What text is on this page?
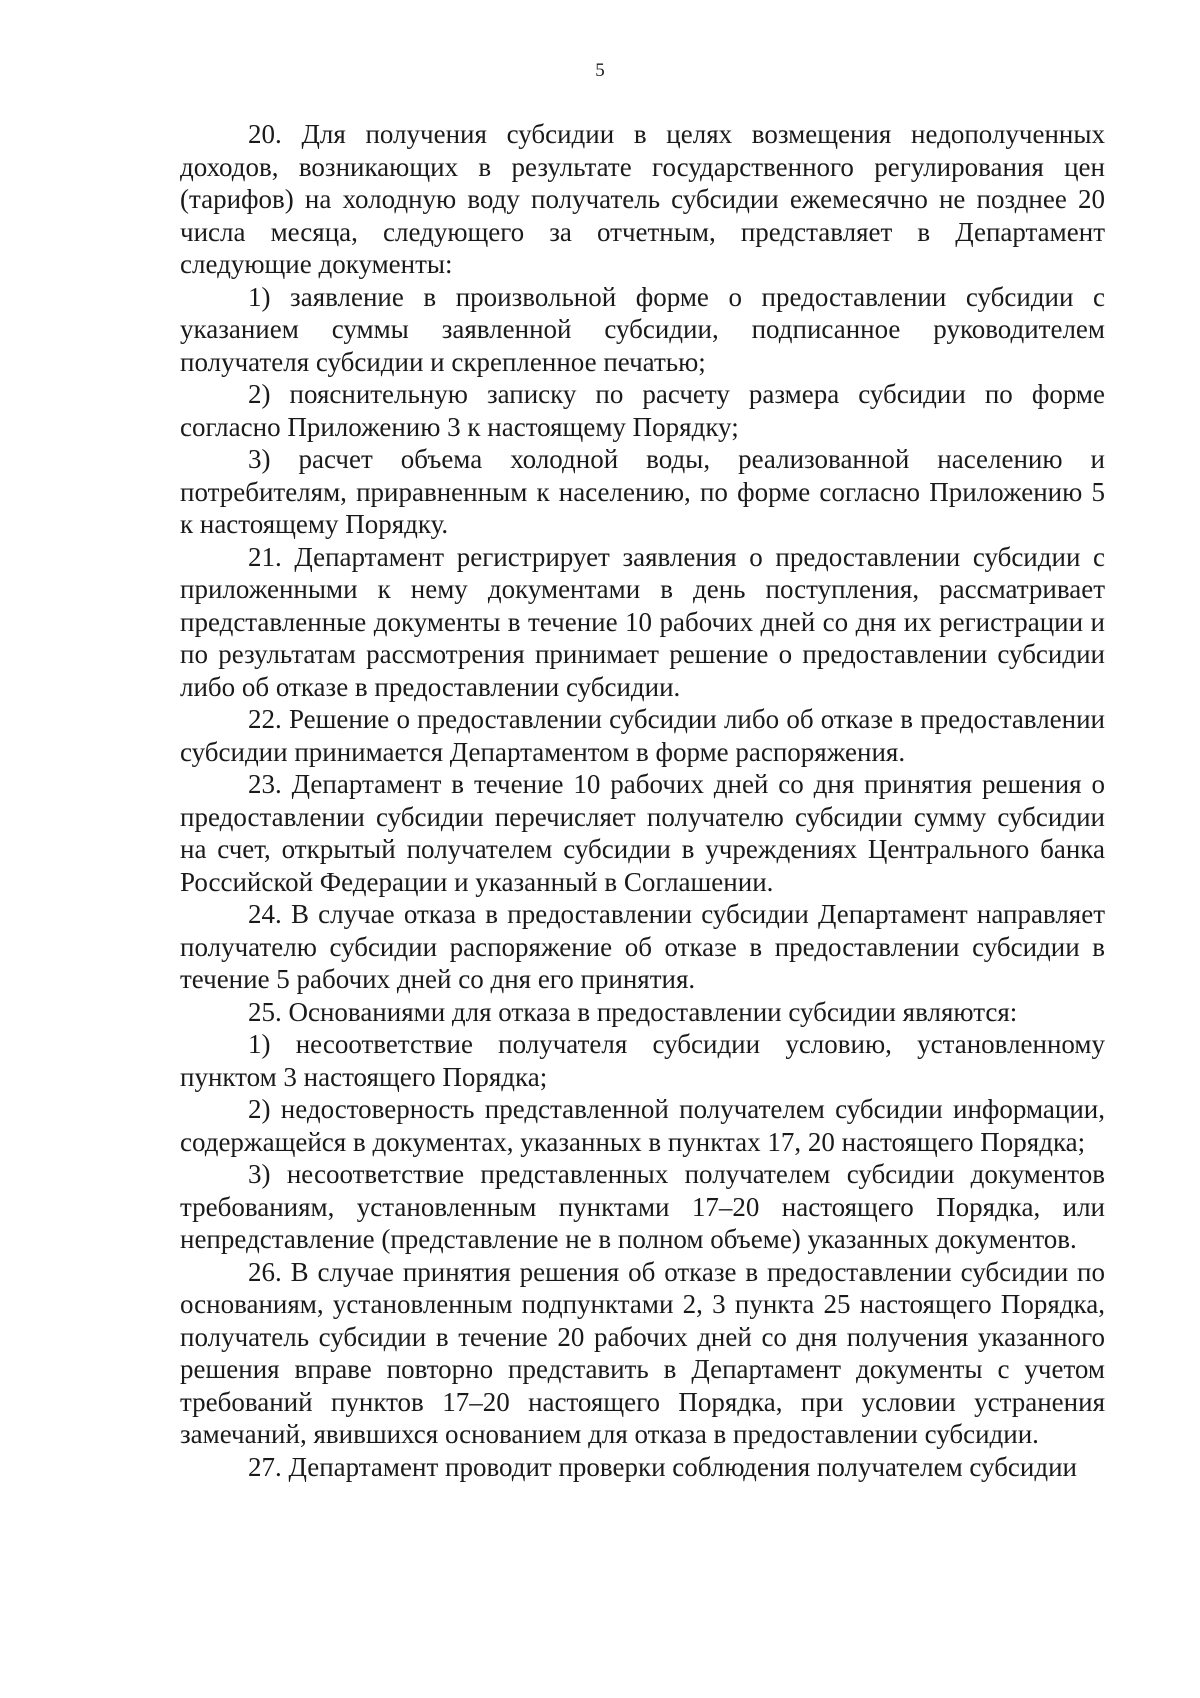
5

20. Для получения субсидии в целях возмещения недополученных доходов, возникающих в результате государственного регулирования цен (тарифов) на холодную воду получатель субсидии ежемесячно не позднее 20 числа месяца, следующего за отчетным, представляет в Департамент следующие документы:

1) заявление в произвольной форме о предоставлении субсидии с указанием суммы заявленной субсидии, подписанное руководителем получателя субсидии и скрепленное печатью;

2) пояснительную записку по расчету размера субсидии по форме согласно Приложению 3 к настоящему Порядку;

3) расчет объема холодной воды, реализованной населению и потребителям, приравненным к населению, по форме согласно Приложению 5 к настоящему Порядку.

21. Департамент регистрирует заявления о предоставлении субсидии с приложенными к нему документами в день поступления, рассматривает представленные документы в течение 10 рабочих дней со дня их регистрации и по результатам рассмотрения принимает решение о предоставлении субсидии либо об отказе в предоставлении субсидии.

22. Решение о предоставлении субсидии либо об отказе в предоставлении субсидии принимается Департаментом в форме распоряжения.

23. Департамент в течение 10 рабочих дней со дня принятия решения о предоставлении субсидии перечисляет получателю субсидии сумму субсидии на счет, открытый получателем субсидии в учреждениях Центрального банка Российской Федерации и указанный в Соглашении.

24. В случае отказа в предоставлении субсидии Департамент направляет получателю субсидии распоряжение об отказе в предоставлении субсидии в течение 5 рабочих дней со дня его принятия.

25. Основаниями для отказа в предоставлении субсидии являются:

1) несоответствие получателя субсидии условию, установленному пунктом 3 настоящего Порядка;

2) недостоверность представленной получателем субсидии информации, содержащейся в документах, указанных в пунктах 17, 20 настоящего Порядка;

3) несоответствие представленных получателем субсидии документов требованиям, установленным пунктами 17–20 настоящего Порядка, или непредставление (представление не в полном объеме) указанных документов.

26. В случае принятия решения об отказе в предоставлении субсидии по основаниям, установленным подпунктами 2, 3 пункта 25 настоящего Порядка, получатель субсидии в течение 20 рабочих дней со дня получения указанного решения вправе повторно представить в Департамент документы с учетом требований пунктов 17–20 настоящего Порядка, при условии устранения замечаний, явившихся основанием для отказа в предоставлении субсидии.

27. Департамент проводит проверки соблюдения получателем субсидии
